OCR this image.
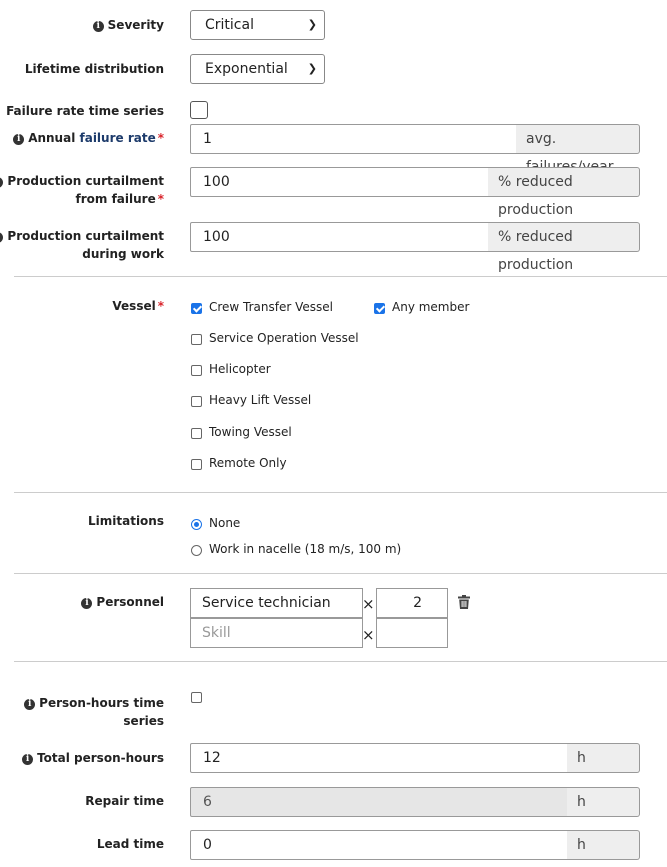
i Severity	Critical	❯
Lifetime distribution	Exponential ❯
Failure rate time series
i Annual failure rate *	1	avg.
Production curtailment
from failure *
100	% reduced production
Production curtailment
during work
100	% reduced production
Vessel *	Crew Transfer Vessel	Any member
Service Operation Vessel
Helicopter
Heavy Lift Vessel
Towing Vessel
Remote Only
Limitations	None
Work in nacelle (18 m/s, 100 m)
i Personnel	Service technician	×	2
Skill	×
i Person-hours time
series
i Total person-hours	12	h
Repair time	6	h
Lead time	0	h
